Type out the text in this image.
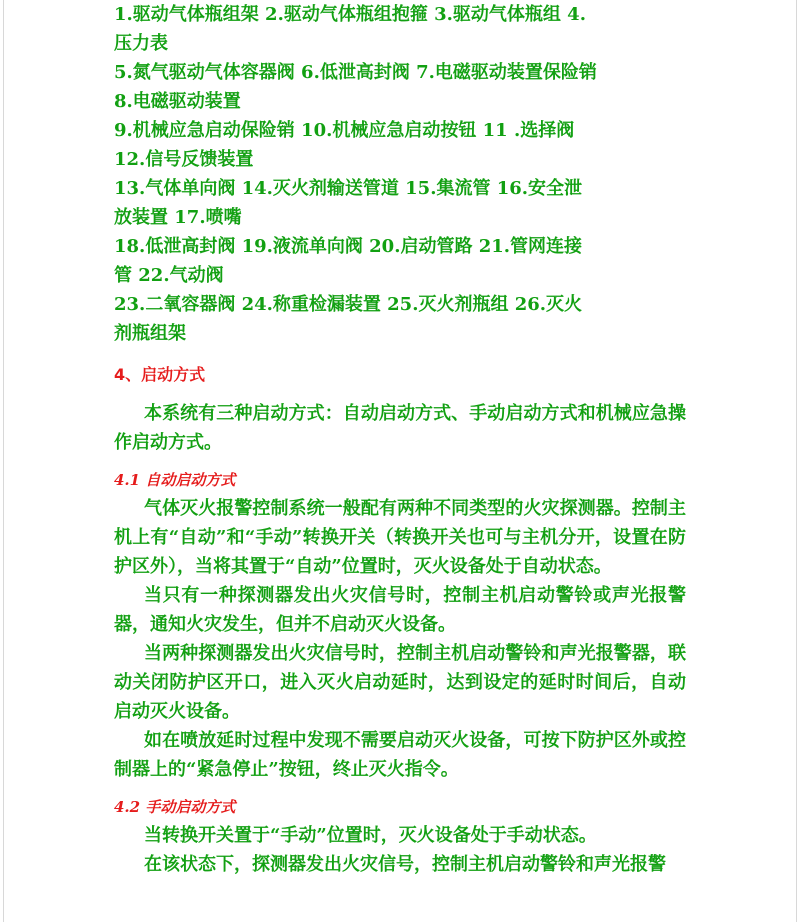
1.驱动气体瓶组架 2.驱动气体瓶组抱箍 3.驱动气体瓶组 4.

压力表

5.氮气驱动气体容器阀 6.低泄高封阀 7.电磁驱动装置保险销

8.电磁驱动装置

9.机械应急启动保险销 10.机械应急启动按钮 11 .选择阀

12.信号反馈装置

13.气体单向阀 14.灭火剂输送管道 15.集流管 16.安全泄

放装置 17.喷嘴

18.低泄高封阀 19.液流单向阀 20.启动管路 21.管网连接

管 22.气动阀

23.二氧容器阀 24.称重检漏装置 25.灭火剂瓶组 26.灭火

剂瓶组架

4、启动方式

本系统有三种启动方式：自动启动方式、手动启动方式和机械应急操作启动方式。

4.1 自动启动方式

气体灭火报警控制系统一般配有两种不同类型的火灾探测器。控制主机上有“自动”和“手动”转换开关（转换开关也可与主机分开，设置在防护区外），当将其置于“自动”位置时，灭火设备处于自动状态。

当只有一种探测器发出火灾信号时，控制主机启动警铃或声光报警器，通知火灾发生，但并不启动灭火设备。

当两种探测器发出火灾信号时，控制主机启动警铃和声光报警器，联动关闭防护区开口，进入灭火启动延时，达到设定的延时时间后，自动启动灭火设备。

如在喷放延时过程中发现不需要启动灭火设备，可按下防护区外或控制器上的“紧急停止”按钮，终止灭火指令。

4.2 手动启动方式

当转换开关置于“手动”位置时，灭火设备处于手动状态。

在该状态下，探测器发出火灾信号，控制主机启动警铃和声光报警
